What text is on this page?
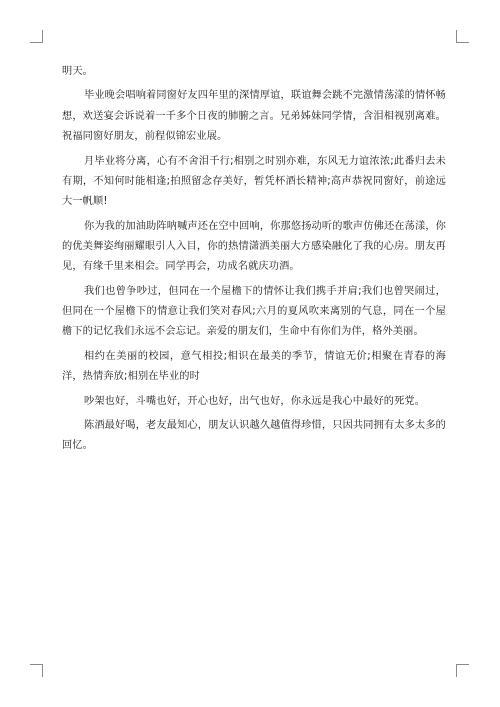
明天。

毕业晚会唱响着同窗好友四年里的深情厚谊，联谊舞会跳不完激情荡漾的情怀畅想，欢送宴会诉说着一千多个日夜的肺腑之言。兄弟姊妹同学情，含泪相视别离难。祝福同窗好朋友，前程似锦宏业展。

月毕业将分离，心有不舍泪千行;相别之时别亦难，东风无力谊浓浓;此番归去未有期，不知何时能相逢;拍照留念存美好，暂凭杯酒长精神;高声恭祝同窗好，前途远大一帆顺!

你为我的加油助阵呐喊声还在空中回响，你那悠扬动听的歌声仿佛还在荡漾，你的优美舞姿绚丽耀眼引人入目，你的热情潇洒美丽大方感染融化了我的心房。朋友再见，有缘千里来相会。同学再会，功成名就庆功酒。

我们也曾争吵过，但同在一个屋檐下的情怀让我们携手并肩;我们也曾哭闹过，但同在一个屋檐下的情意让我们笑对春风;六月的夏风吹来离别的气息，同在一个屋檐下的记忆我们永远不会忘记。亲爱的朋友们，生命中有你们为伴，格外美丽。

相约在美丽的校园，意气相投;相识在最美的季节，情谊无价;相聚在青春的海洋，热情奔放;相别在毕业的时

吵架也好，斗嘴也好，开心也好，出气也好，你永远是我心中最好的死党。

陈酒最好喝，老友最知心，朋友认识越久越值得珍惜，只因共同拥有太多太多的回忆。
